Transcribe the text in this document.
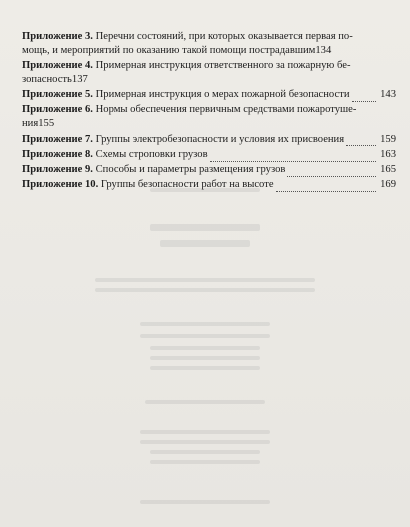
Приложение 3. Перечни состояний, при которых оказывается первая по-
мощь, и мероприятий по оказанию такой помощи пострадавшим 134
Приложение 4. Примерная инструкция ответственного за пожарную бе-
зопасность 137
Приложение 5. Примерная инструкция о мерах пожарной безопасности	143
Приложение 6. Нормы обеспечения первичным средствами пожаротуше-
ния 155
Приложение 7. Группы электробезопасности и условия их присвоения	159
Приложение 8. Схемы строповки грузов	163
Приложение 9. Способы и параметры размещения грузов	165
Приложение 10. Группы безопасности работ на высоте	169
